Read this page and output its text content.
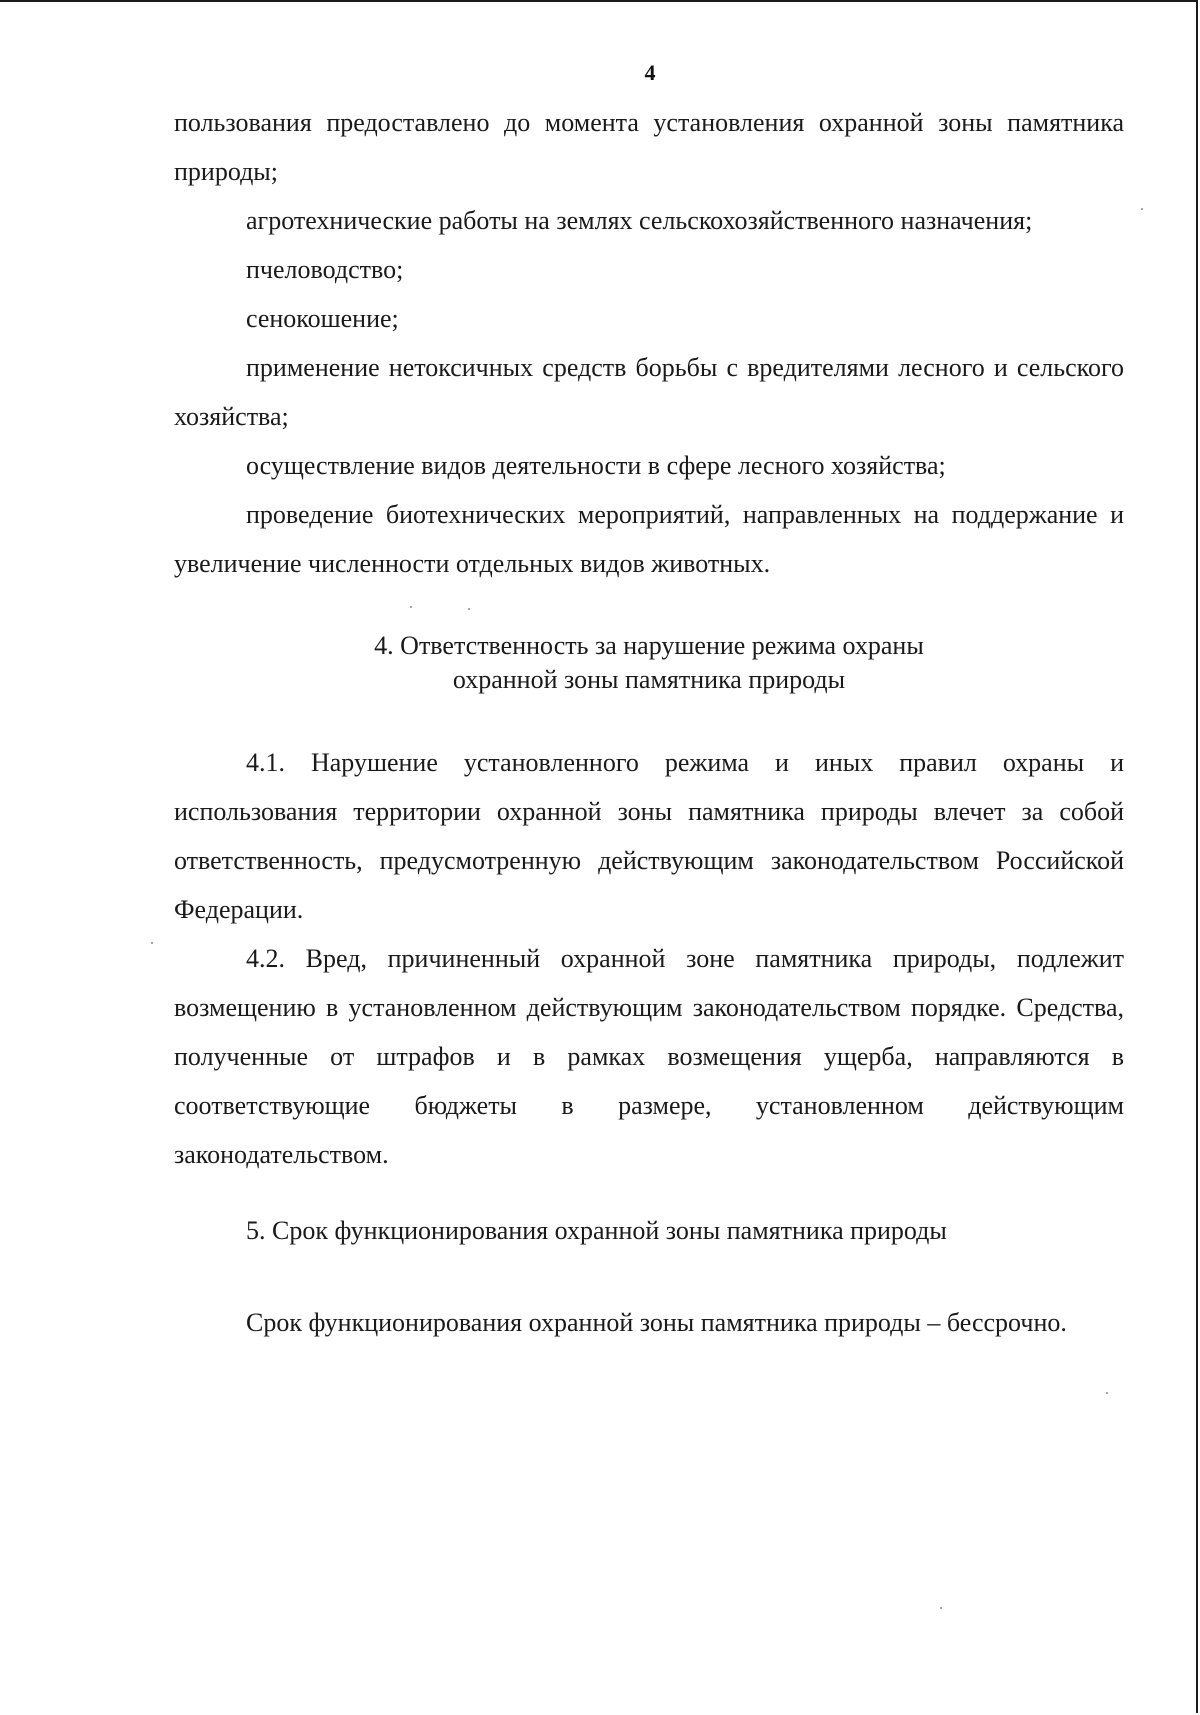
4

пользования предоставлено до момента установления охранной зоны памятника природы;

агротехнические работы на землях сельскохозяйственного назначения;

пчеловодство;

сенокошение;

применение нетоксичных средств борьбы с вредителями лесного и сельского хозяйства;

осуществление видов деятельности в сфере лесного хозяйства;

проведение биотехнических мероприятий, направленных на поддержание и увеличение численности отдельных видов животных.

4. Ответственность за нарушение режима охраны

охранной зоны памятника природы

4.1. Нарушение установленного режима и иных правил охраны и использования территории охранной зоны памятника природы влечет за собой ответственность, предусмотренную действующим законодательством Российской Федерации.

4.2. Вред, причиненный охранной зоне памятника природы, подлежит возмещению в установленном действующим законодательством порядке. Средства, полученные от штрафов и в рамках возмещения ущерба, направляются в соответствующие бюджеты в размере, установленном действующим законодательством.

5. Срок функционирования охранной зоны памятника природы

Срок функционирования охранной зоны памятника природы – бессрочно.
